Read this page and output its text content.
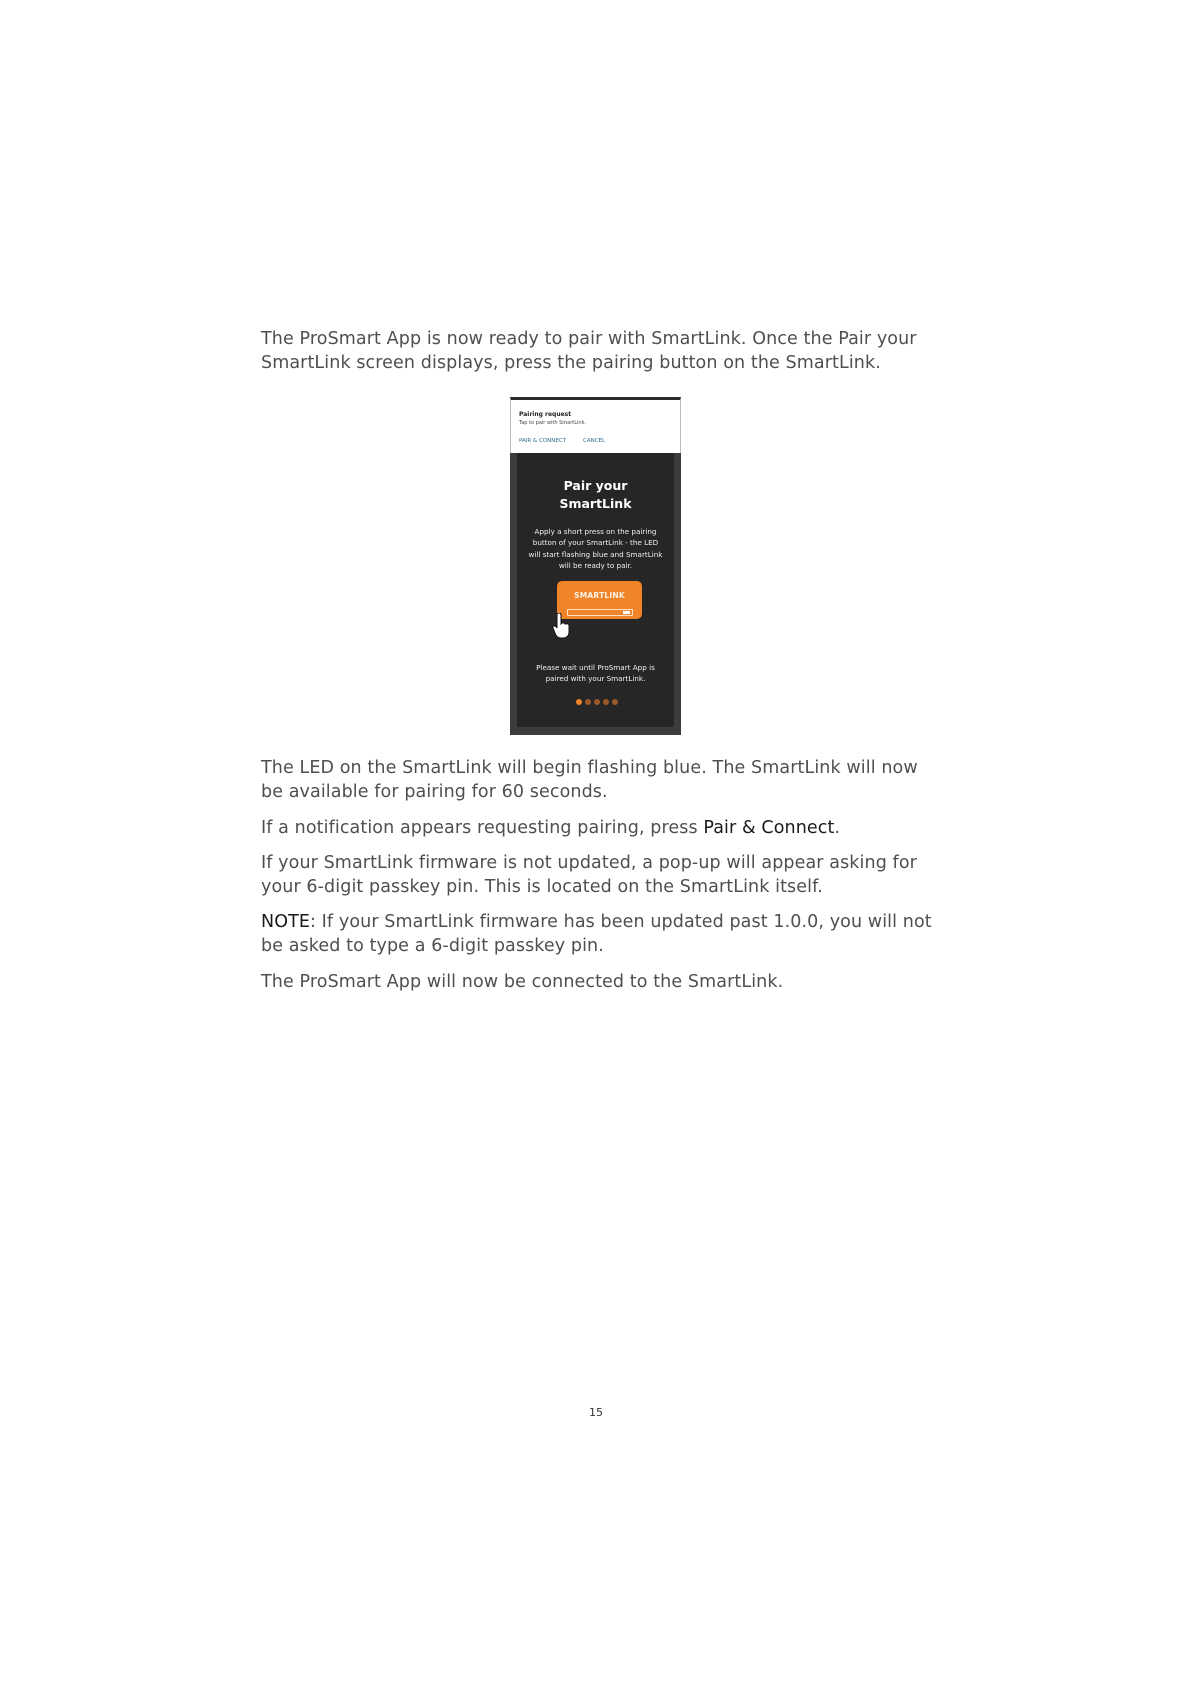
The ProSmart App is now ready to pair with SmartLink. Once the Pair your SmartLink screen displays, press the pairing button on the SmartLink.

Pairing request
Tap to pair with SmartLink.
PAIR & CONNECT	CANCEL
Pair your
SmartLink
Apply a short press on the pairing button of your SmartLink - the LED will start flashing blue and SmartLink will be ready to pair.
SMARTLINK
Please wait until ProSmart App is paired with your SmartLink.

The LED on the SmartLink will begin flashing blue. The SmartLink will now be available for pairing for 60 seconds.

If a notification appears requesting pairing, press Pair & Connect.

If your SmartLink firmware is not updated, a pop-up will appear asking for your 6-digit passkey pin. This is located on the SmartLink itself.

NOTE: If your SmartLink firmware has been updated past 1.0.0, you will not be asked to type a 6-digit passkey pin.

The ProSmart App will now be connected to the SmartLink.

15
